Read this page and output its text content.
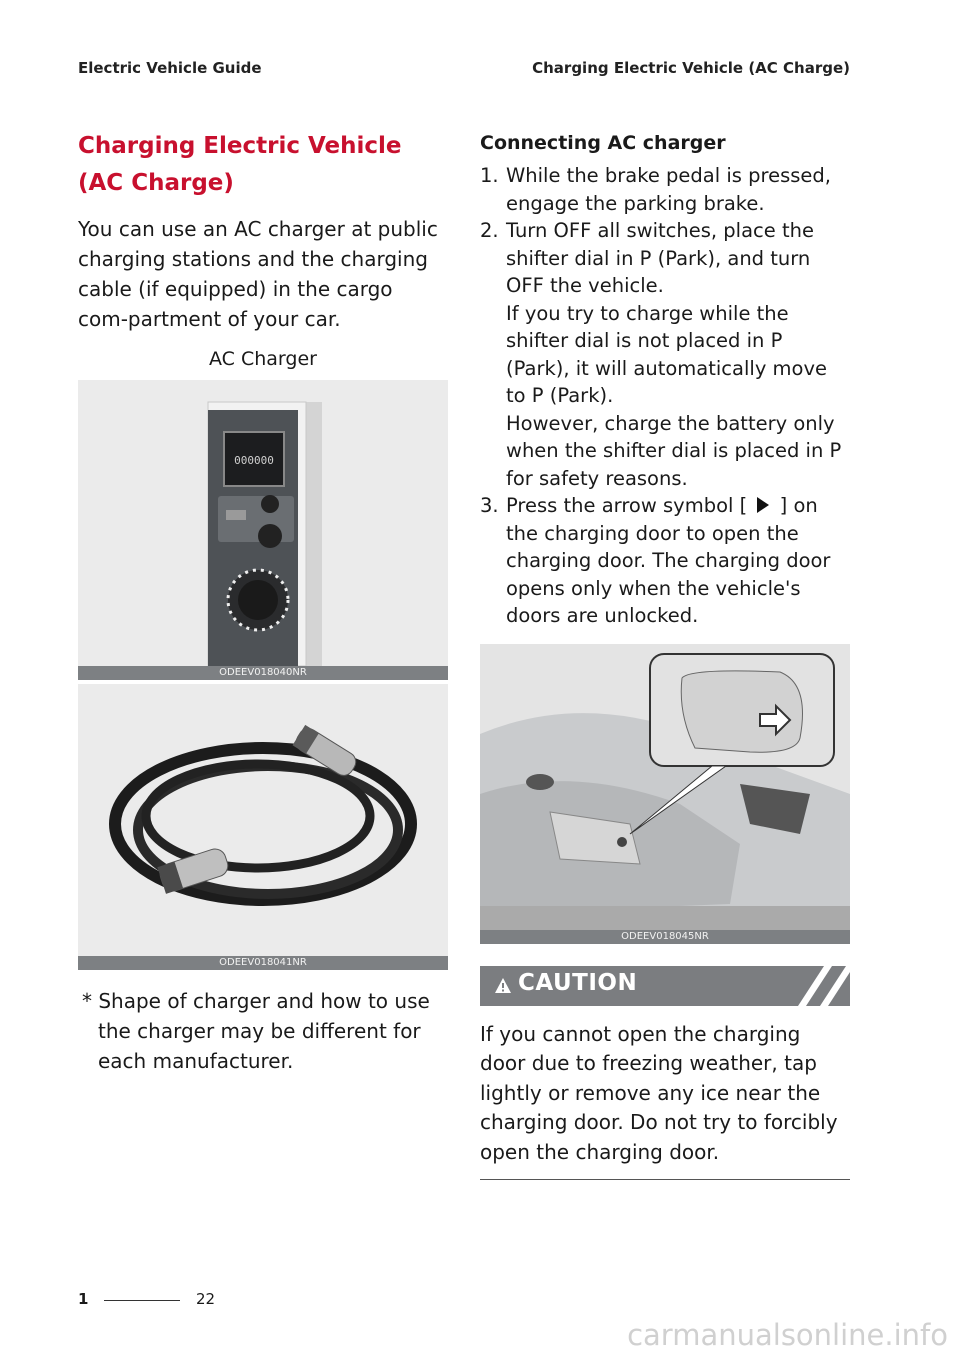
Electric Vehicle Guide	Charging Electric Vehicle (AC Charge)
Charging Electric Vehicle (AC Charge)

You can use an AC charger at public charging stations and the charging cable (if equipped) in the cargo com-partment of your car.

AC Charger
000000
ODEEV018040NR
ODEEV018041NR
* Shape of charger and how to use the charger may be different for each manufacturer.
Connecting AC charger
1. While the brake pedal is pressed, engage the parking brake.
2. Turn OFF all switches, place the shifter dial in P (Park), and turn OFF the vehicle.
If you try to charge while the shifter dial is not placed in P (Park), it will automatically move to P (Park).
However, charge the battery only when the shifter dial is placed in P for safety reasons.
3. Press the arrow symbol [ ] on the charging door to open the charging door. The charging door opens only when the vehicle's doors are unlocked.
ODEEV018045NR
CAUTION

If you cannot open the charging door due to freezing weather, tap lightly or remove any ice near the charging door. Do not try to forcibly open the charging door.

1	22
carmanualsonline.info
